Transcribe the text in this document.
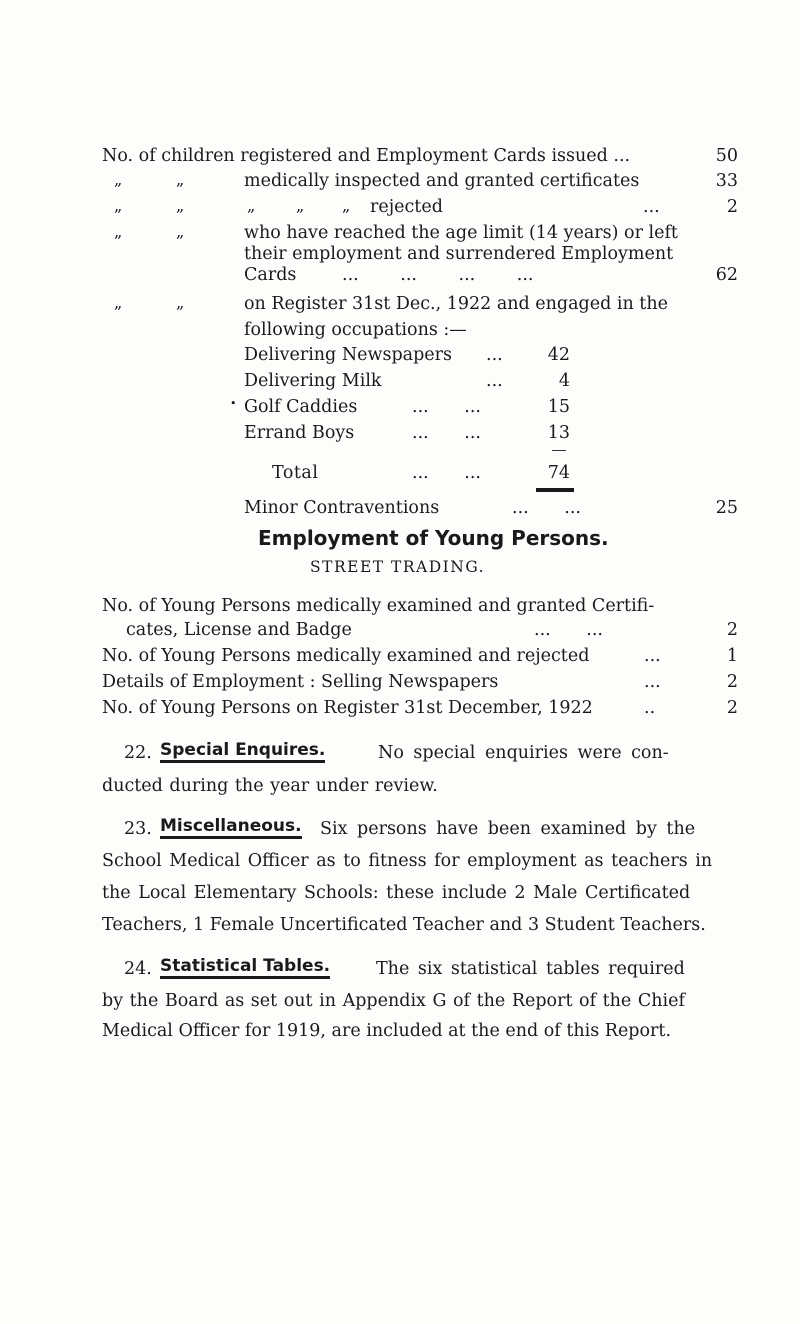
No. of children registered and Employment Cards issued ...	50
„	„	medically inspected and granted certificates	33
„	„	„	„ „ rejected	...	2
„	„	who have reached the age limit (14 years) or left
their employment and surrendered Employment
Cards	... ... ... ...	62
„	„	on Register 31st Dec., 1922 and engaged in the
following occupations :—
Delivering Newspapers ...	42
Delivering Milk	...	4
• Golf Caddies	... ...	15
Errand Boys	... ...	13
Total	... ...	74
Minor Contraventions	... ...	25
Employment of Young Persons.
STREET TRADING.
No. of Young Persons medically examined and granted Certifi-
cates, License and Badge	... ...	2
No. of Young Persons medically examined and rejected	...	1
Details of Employment : Selling Newspapers	...	2
No. of Young Persons on Register 31st December, 1922	..	2
22. Special Enquires.	No special enquiries were con-
ducted during the year under review.
23. Miscellaneous. Six persons have been examined by the
School Medical Officer as to fitness for employment as teachers in
the Local Elementary Schools: these include 2 Male Certificated
Teachers, 1 Female Uncertificated Teacher and 3 Student Teachers.
24. Statistical Tables.	The six statistical tables required
by the Board as set out in Appendix G of the Report of the Chief
Medical Officer for 1919, are included at the end of this Report.
